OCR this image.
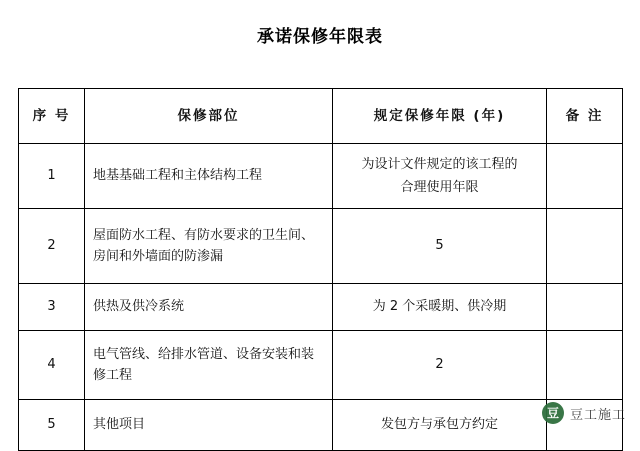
承诺保修年限表
序 号	保修部位	规定保修年限 (年)	备 注
1	地基基础工程和主体结构工程	为设计文件规定的该工程的
合理使用年限	

2	屋面防水工程、有防水要求的卫生间、房间和外墙面的防渗漏	5	
3	供热及供冷系统	为 2 个采暖期、供冷期	
4	电气管线、给排水管道、设备安装和装修工程	2	
5	其他项目	发包方与承包方约定	
豆 豆工施工
